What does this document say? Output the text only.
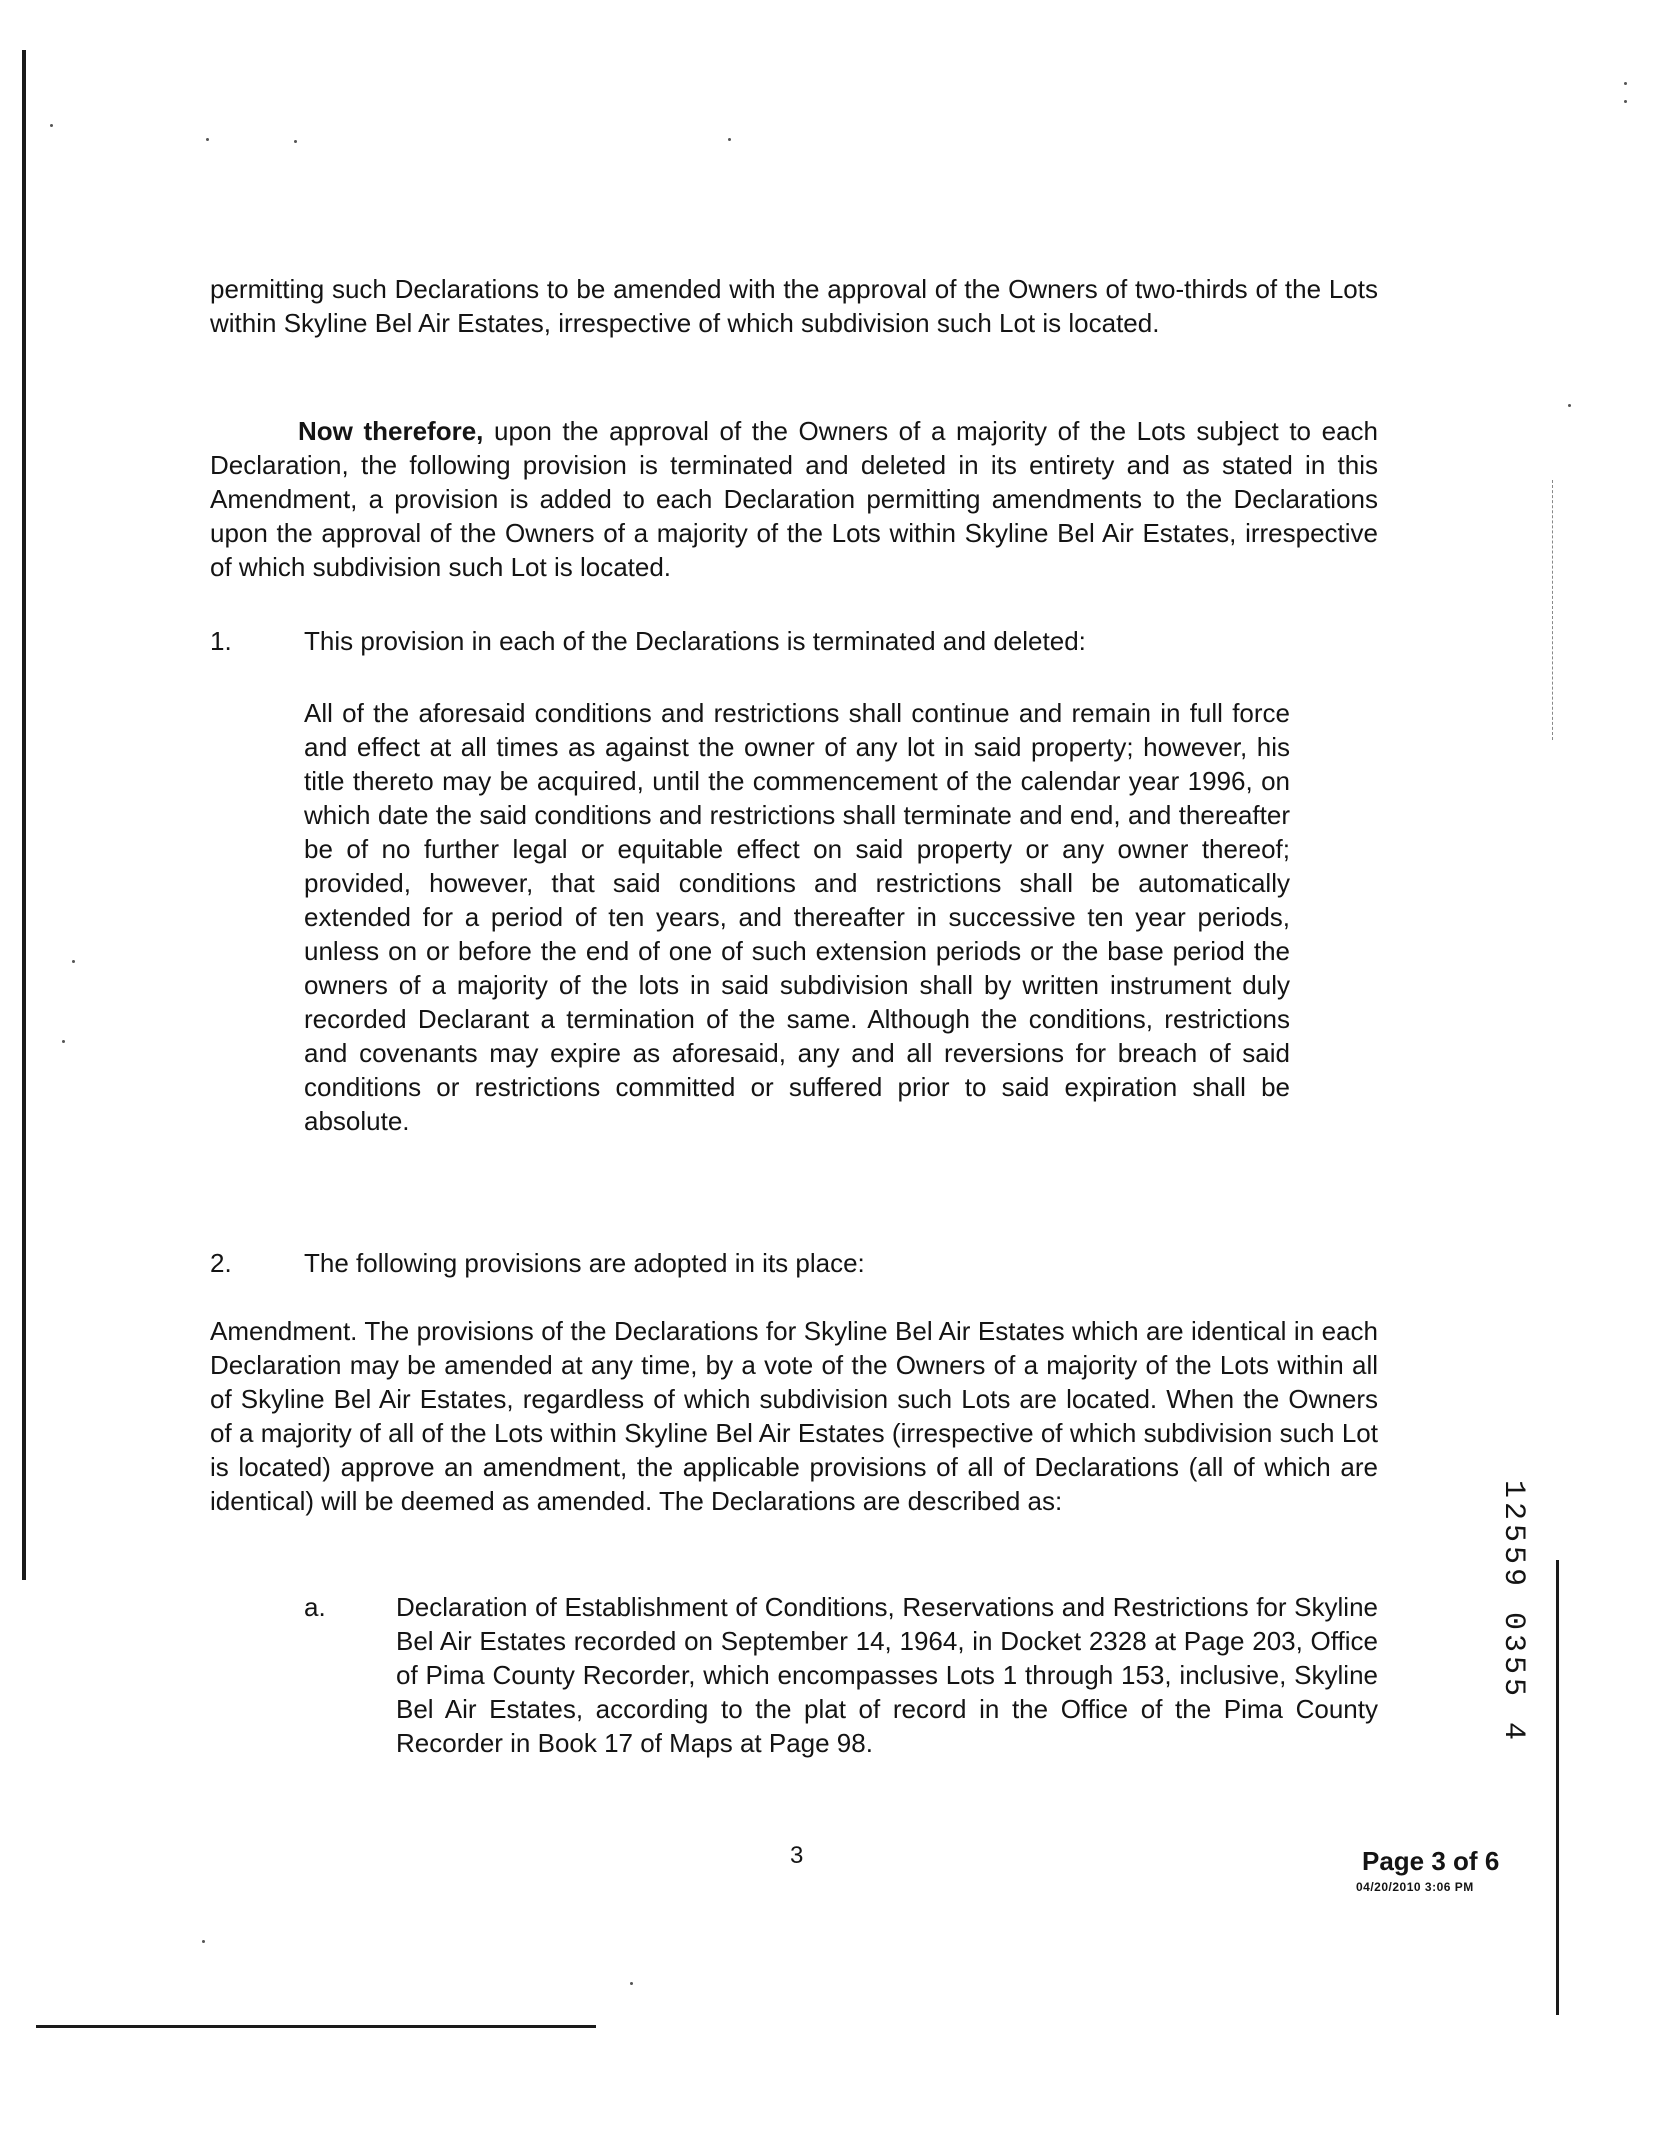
permitting such Declarations to be amended with the approval of the Owners of two-thirds of the Lots within Skyline Bel Air Estates, irrespective of which subdivision such Lot is located.

Now therefore, upon the approval of the Owners of a majority of the Lots subject to each Declaration, the following provision is terminated and deleted in its entirety and as stated in this Amendment, a provision is added to each Declaration permitting amendments to the Declarations upon the approval of the Owners of a majority of the Lots within Skyline Bel Air Estates, irrespective of which subdivision such Lot is located.

1.	This provision in each of the Declarations is terminated and deleted:

All of the aforesaid conditions and restrictions shall continue and remain in full force and effect at all times as against the owner of any lot in said property; however, his title thereto may be acquired, until the commencement of the calendar year 1996, on which date the said conditions and restrictions shall terminate and end, and thereafter be of no further legal or equitable effect on said property or any owner thereof; provided, however, that said conditions and restrictions shall be automatically extended for a period of ten years, and thereafter in successive ten year periods, unless on or before the end of one of such extension periods or the base period the owners of a majority of the lots in said subdivision shall by written instrument duly recorded Declarant a termination of the same. Although the conditions, restrictions and covenants may expire as aforesaid, any and all reversions for breach of said conditions or restrictions committed or suffered prior to said expiration shall be absolute.

2.	The following provisions are adopted in its place:

Amendment. The provisions of the Declarations for Skyline Bel Air Estates which are identical in each Declaration may be amended at any time, by a vote of the Owners of a majority of the Lots within all of Skyline Bel Air Estates, regardless of which subdivision such Lots are located. When the Owners of a majority of all of the Lots within Skyline Bel Air Estates (irrespective of which subdivision such Lot is located) approve an amendment, the applicable provisions of all of Declarations (all of which are identical) will be deemed as amended. The Declarations are described as:

a.	Declaration of Establishment of Conditions, Reservations and Restrictions for Skyline Bel Air Estates recorded on September 14, 1964, in Docket 2328 at Page 203, Office of Pima County Recorder, which encompasses Lots 1 through 153, inclusive, Skyline Bel Air Estates, according to the plat of record in the Office of the Pima County Recorder in Book 17 of Maps at Page 98.	12559 0355 4
3	Page 3 of 6
04/20/2010 3:06 PM
